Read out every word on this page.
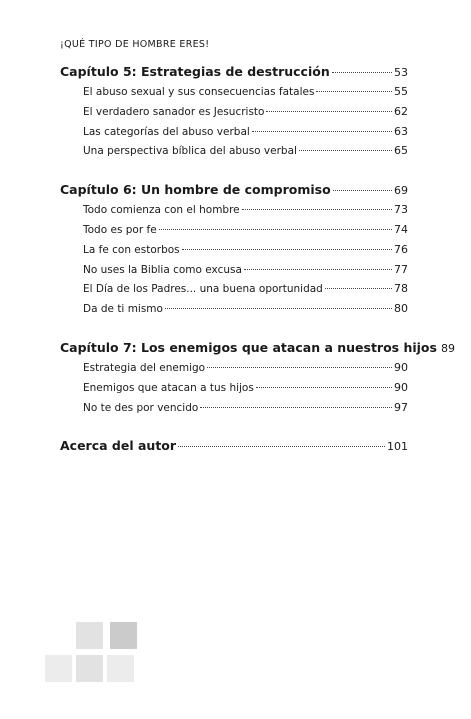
¡QUÉ TIPO DE HOMBRE ERES!
Capítulo 5: Estrategias de destrucción	53
El abuso sexual y sus consecuencias fatales	55
El verdadero sanador es Jesucristo	62
Las categorías del abuso verbal	63
Una perspectiva bíblica del abuso verbal	65
Capítulo 6: Un hombre de compromiso	69
Todo comienza con el hombre	73
Todo es por fe	74
La fe con estorbos	76
No uses la Biblia como excusa	77
El Día de los Padres... una buena oportunidad	78
Da de ti mismo	80
Capítulo 7: Los enemigos que atacan a nuestros hijos 89
Estrategia del enemigo	90
Enemigos que atacan a tus hijos	90
No te des por vencido	97
Acerca del autor	101
